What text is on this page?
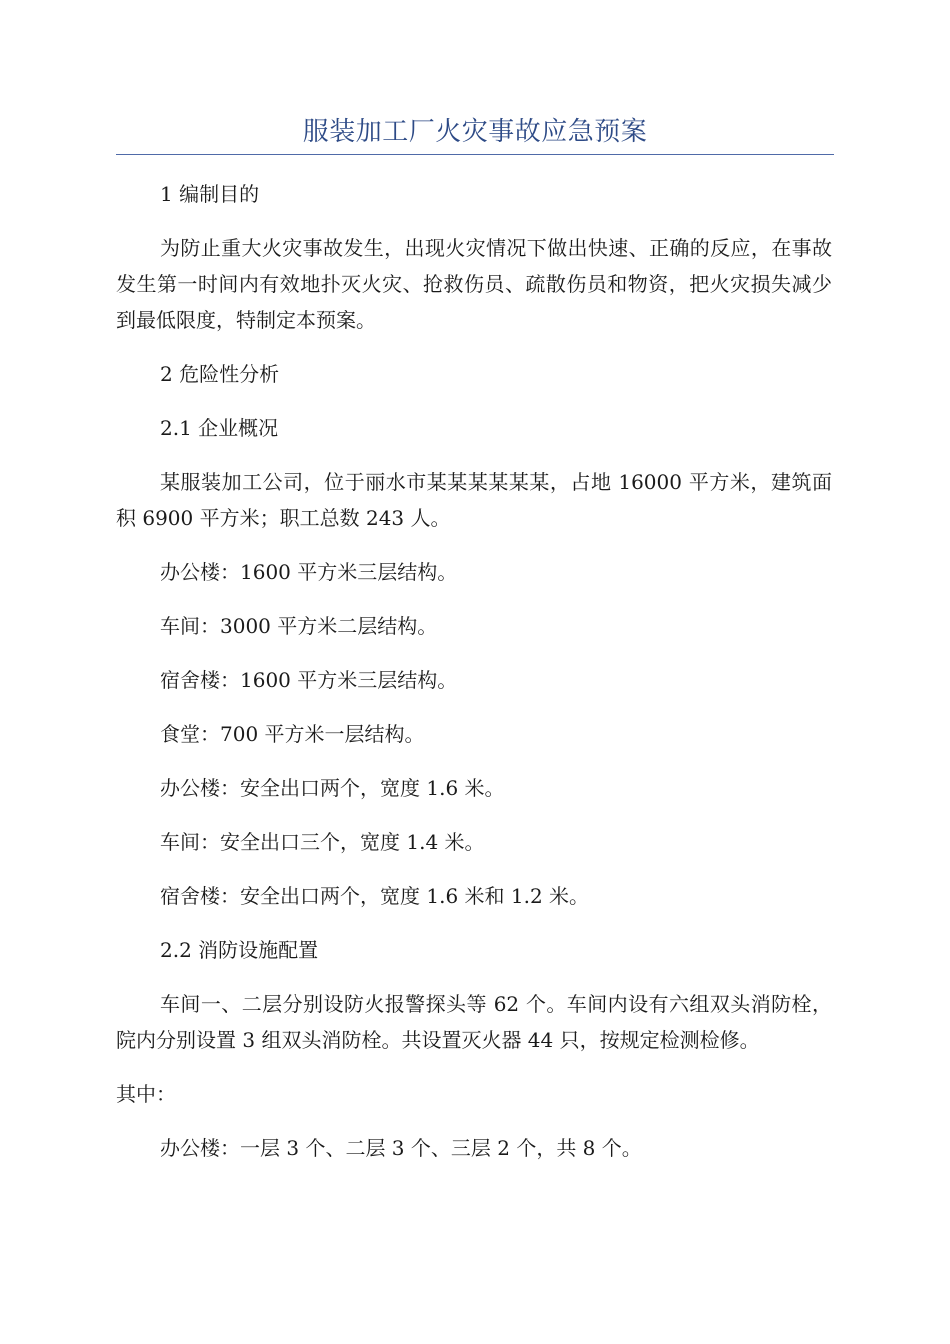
服装加工厂火灾事故应急预案

1 编制目的

为防止重大火灾事故发生，出现火灾情况下做出快速、正确的反应，在事故发生第一时间内有效地扑灭火灾、抢救伤员、疏散伤员和物资，把火灾损失减少到最低限度，特制定本预案。

2 危险性分析

2.1 企业概况

某服装加工公司，位于丽水市某某某某某某，占地 16000 平方米，建筑面积 6900 平方米；职工总数 243 人。

办公楼：1600 平方米三层结构。

车间：3000 平方米二层结构。

宿舍楼：1600 平方米三层结构。

食堂：700 平方米一层结构。

办公楼：安全出口两个，宽度 1.6 米。

车间：安全出口三个，宽度 1.4 米。

宿舍楼：安全出口两个，宽度 1.6 米和 1.2 米。

2.2 消防设施配置

车间一、二层分别设防火报警探头等 62 个。车间内设有六组双头消防栓，院内分别设置 3 组双头消防栓。共设置灭火器 44 只，按规定检测检修。

其中：

办公楼：一层 3 个、二层 3 个、三层 2 个，共 8 个。
